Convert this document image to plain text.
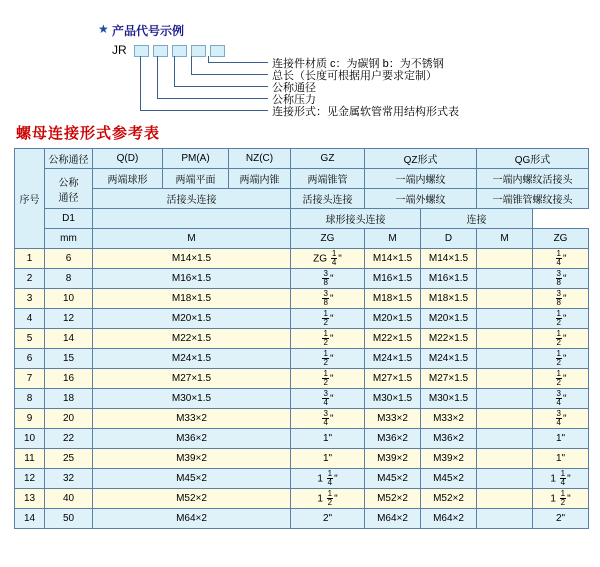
★ 产品代号示例
JR
连接件材质 c：为碳钢 b：为不锈钢
总长（长度可根据用户要求定制）
公称通径
公称压力
连接形式：见金属软管常用结构形式表
螺母连接形式参考表
序号	公称通径	Q(D)	PM(A)	NZ(C)	GZ	QZ形式		QG形式	
	公称
通径	两端球形	两端平面	两端内锥	两端锥管	一端内螺纹		一端内螺纹活接头	
		活接头连接			活接头连接	一端外螺纹		一端锥管螺纹接头	
	D1				球形接头连接		连接		
	mm	M			ZG	M	D	M	ZG
1	6	M14×1.5			ZG $\frac{1}{4}$ "	M14×1.5	M14×1.5		$\frac{1}{4}$ "
2	8	M16×1.5			$\frac{3}{8}$ "	M16×1.5	M16×1.5		$\frac{3}{8}$ "
3	10	M18×1.5			$\frac{3}{8}$ "	M18×1.5	M18×1.5		$\frac{3}{8}$ "
4	12	M20×1.5			$\frac{1}{2}$ "	M20×1.5	M20×1.5		$\frac{1}{2}$ "
5	14	M22×1.5			$\frac{1}{2}$ "	M22×1.5	M22×1.5		$\frac{1}{2}$ "
6	15	M24×1.5			$\frac{1}{2}$ "	M24×1.5	M24×1.5		$\frac{1}{2}$ "
7	16	M27×1.5			$\frac{1}{2}$ "	M27×1.5	M27×1.5		$\frac{1}{2}$ "
8	18	M30×1.5			$\frac{3}{4}$ "	M30×1.5	M30×1.5		$\frac{3}{4}$ "
9	20	M33×2			$\frac{3}{4}$ "	M33×2	M33×2		$\frac{3}{4}$ "
10	22	M36×2			1"	M36×2	M36×2		1"
11	25	M39×2			1"	M39×2	M39×2		1"
12	32	M45×2			$1 \frac{1}{4}$ "	M45×2	M45×2		$1 \frac{1}{4}$ "
13	40	M52×2			$1 \frac{1}{2}$ "	M52×2	M52×2		$1 \frac{1}{2}$ "
14	50	M64×2			2"	M64×2	M64×2		2"
